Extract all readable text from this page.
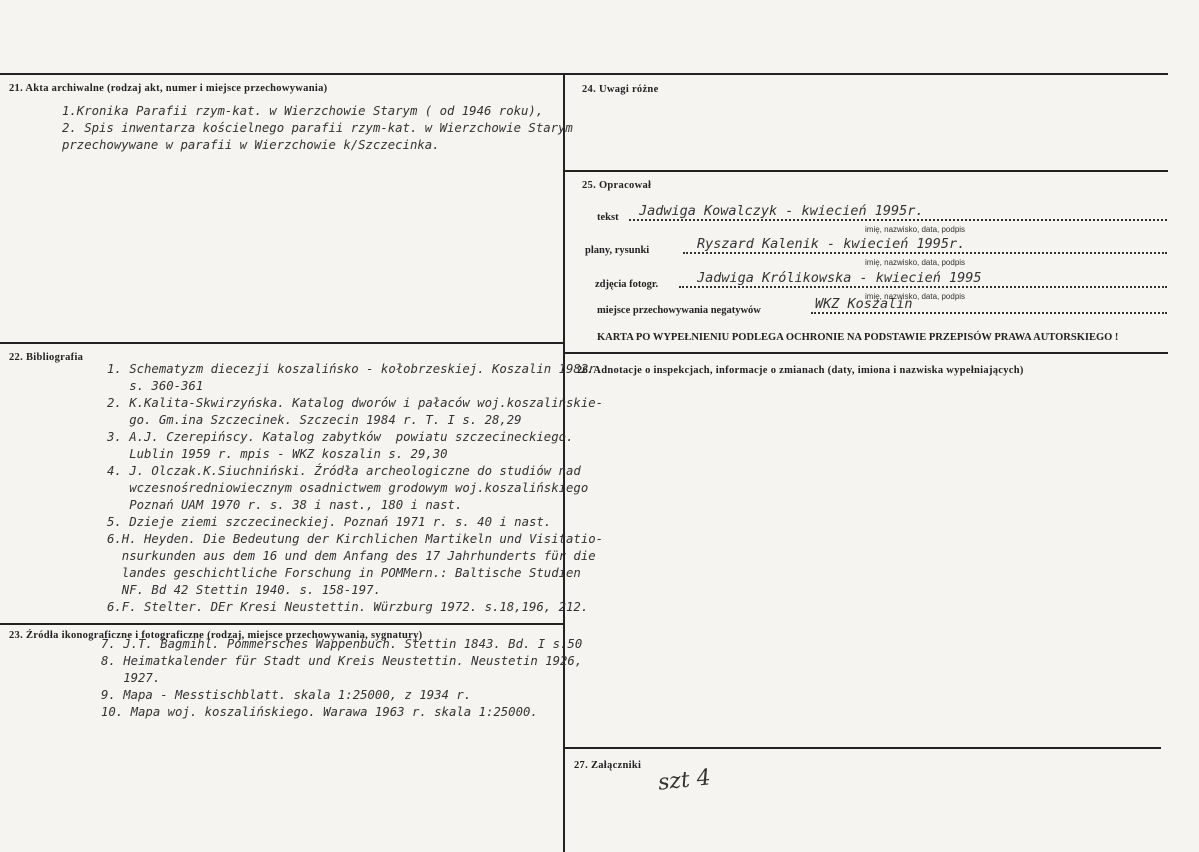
21. Akta archiwalne (rodzaj akt, numer i miejsce przechowywania)
1.Kronika Parafii rzym-kat. w Wierzchowie Starym ( od 1946 roku),
2. Spis inwentarza kościelnego parafii rzym-kat. w Wierzchowie Starym
przechowywane w parafii w Wierzchowie k/Szczecinka.
22. Bibliografia
1. Schematyzm diecezji koszalińsko - kołobrzeskiej. Koszalin 1982r.
s. 360-361
2. K.Kalita-Skwirzyńska. Katalog dworów i pałaców woj.koszalińskie-
go. Gm.ina Szczecinek. Szczecin 1984 r. T. I s. 28,29
3. A.J. Czerepińscy. Katalog zabytków  powiatu szczecineckiego.
Lublin 1959 r. mpis - WKZ koszalin s. 29,30
4. J. Olczak.K.Siuchniński. Źródła archeologiczne do studiów nad
wczesnośredniowiecznym osadnictwem grodowym woj.koszalińskiego
Poznań UAM 1970 r. s. 38 i nast., 180 i nast.
5. Dzieje ziemi szczecineckiej. Poznań 1971 r. s. 40 i nast.
6.H. Heyden. Die Bedeutung der Kirchlichen Martikeln und Visitatio-
nsurkunden aus dem 16 und dem Anfang des 17 Jahrhunderts für die
landes geschichtliche Forschung in POMMern.: Baltische Studien
NF. Bd 42 Stettin 1940. s. 158-197.
6.F. Stelter. DEr Kresi Neustettin. Würzburg 1972. s.18,196, 212.
7. J.T. Bagmihl. Pommersches Wappenbuch. Stettin 1843. Bd. I s.50
8. Heimatkalender für Stadt und Kreis Neustettin. Neustetin 1926,
1927.
9. Mapa - Messtischblatt. skala 1:25000, z 1934 r.
10. Mapa woj. koszalińskiego. Warawa 1963 r. skala 1:25000.
23. Źródła ikonograficzne i fotograficzne (rodzaj, miejsce przechowywania, sygnatury)
24. Uwagi różne
25. Opracował
tekst Jadwiga Kowalczyk - kwiecień 1995r.
imię, nazwisko, data, podpis
plany, rysunki	Ryszard Kalenik - kwiecień 1995r.
imię, nazwisko, data, podpis
zdjęcia fotogr.	Jadwiga Królikowska - kwiecień 1995
imię, nazwisko, data, podpis
miejsce przechowywania negatywów	WKZ Koszalin
KARTA PO WYPEŁNIENIU PODLEGA OCHRONIE NA PODSTAWIE PRZEPISÓW PRAWA AUTORSKIEGO !
26. Adnotacje o inspekcjach, informacje o zmianach (daty, imiona i nazwiska wypełniających)
27. Załączniki szt 4
